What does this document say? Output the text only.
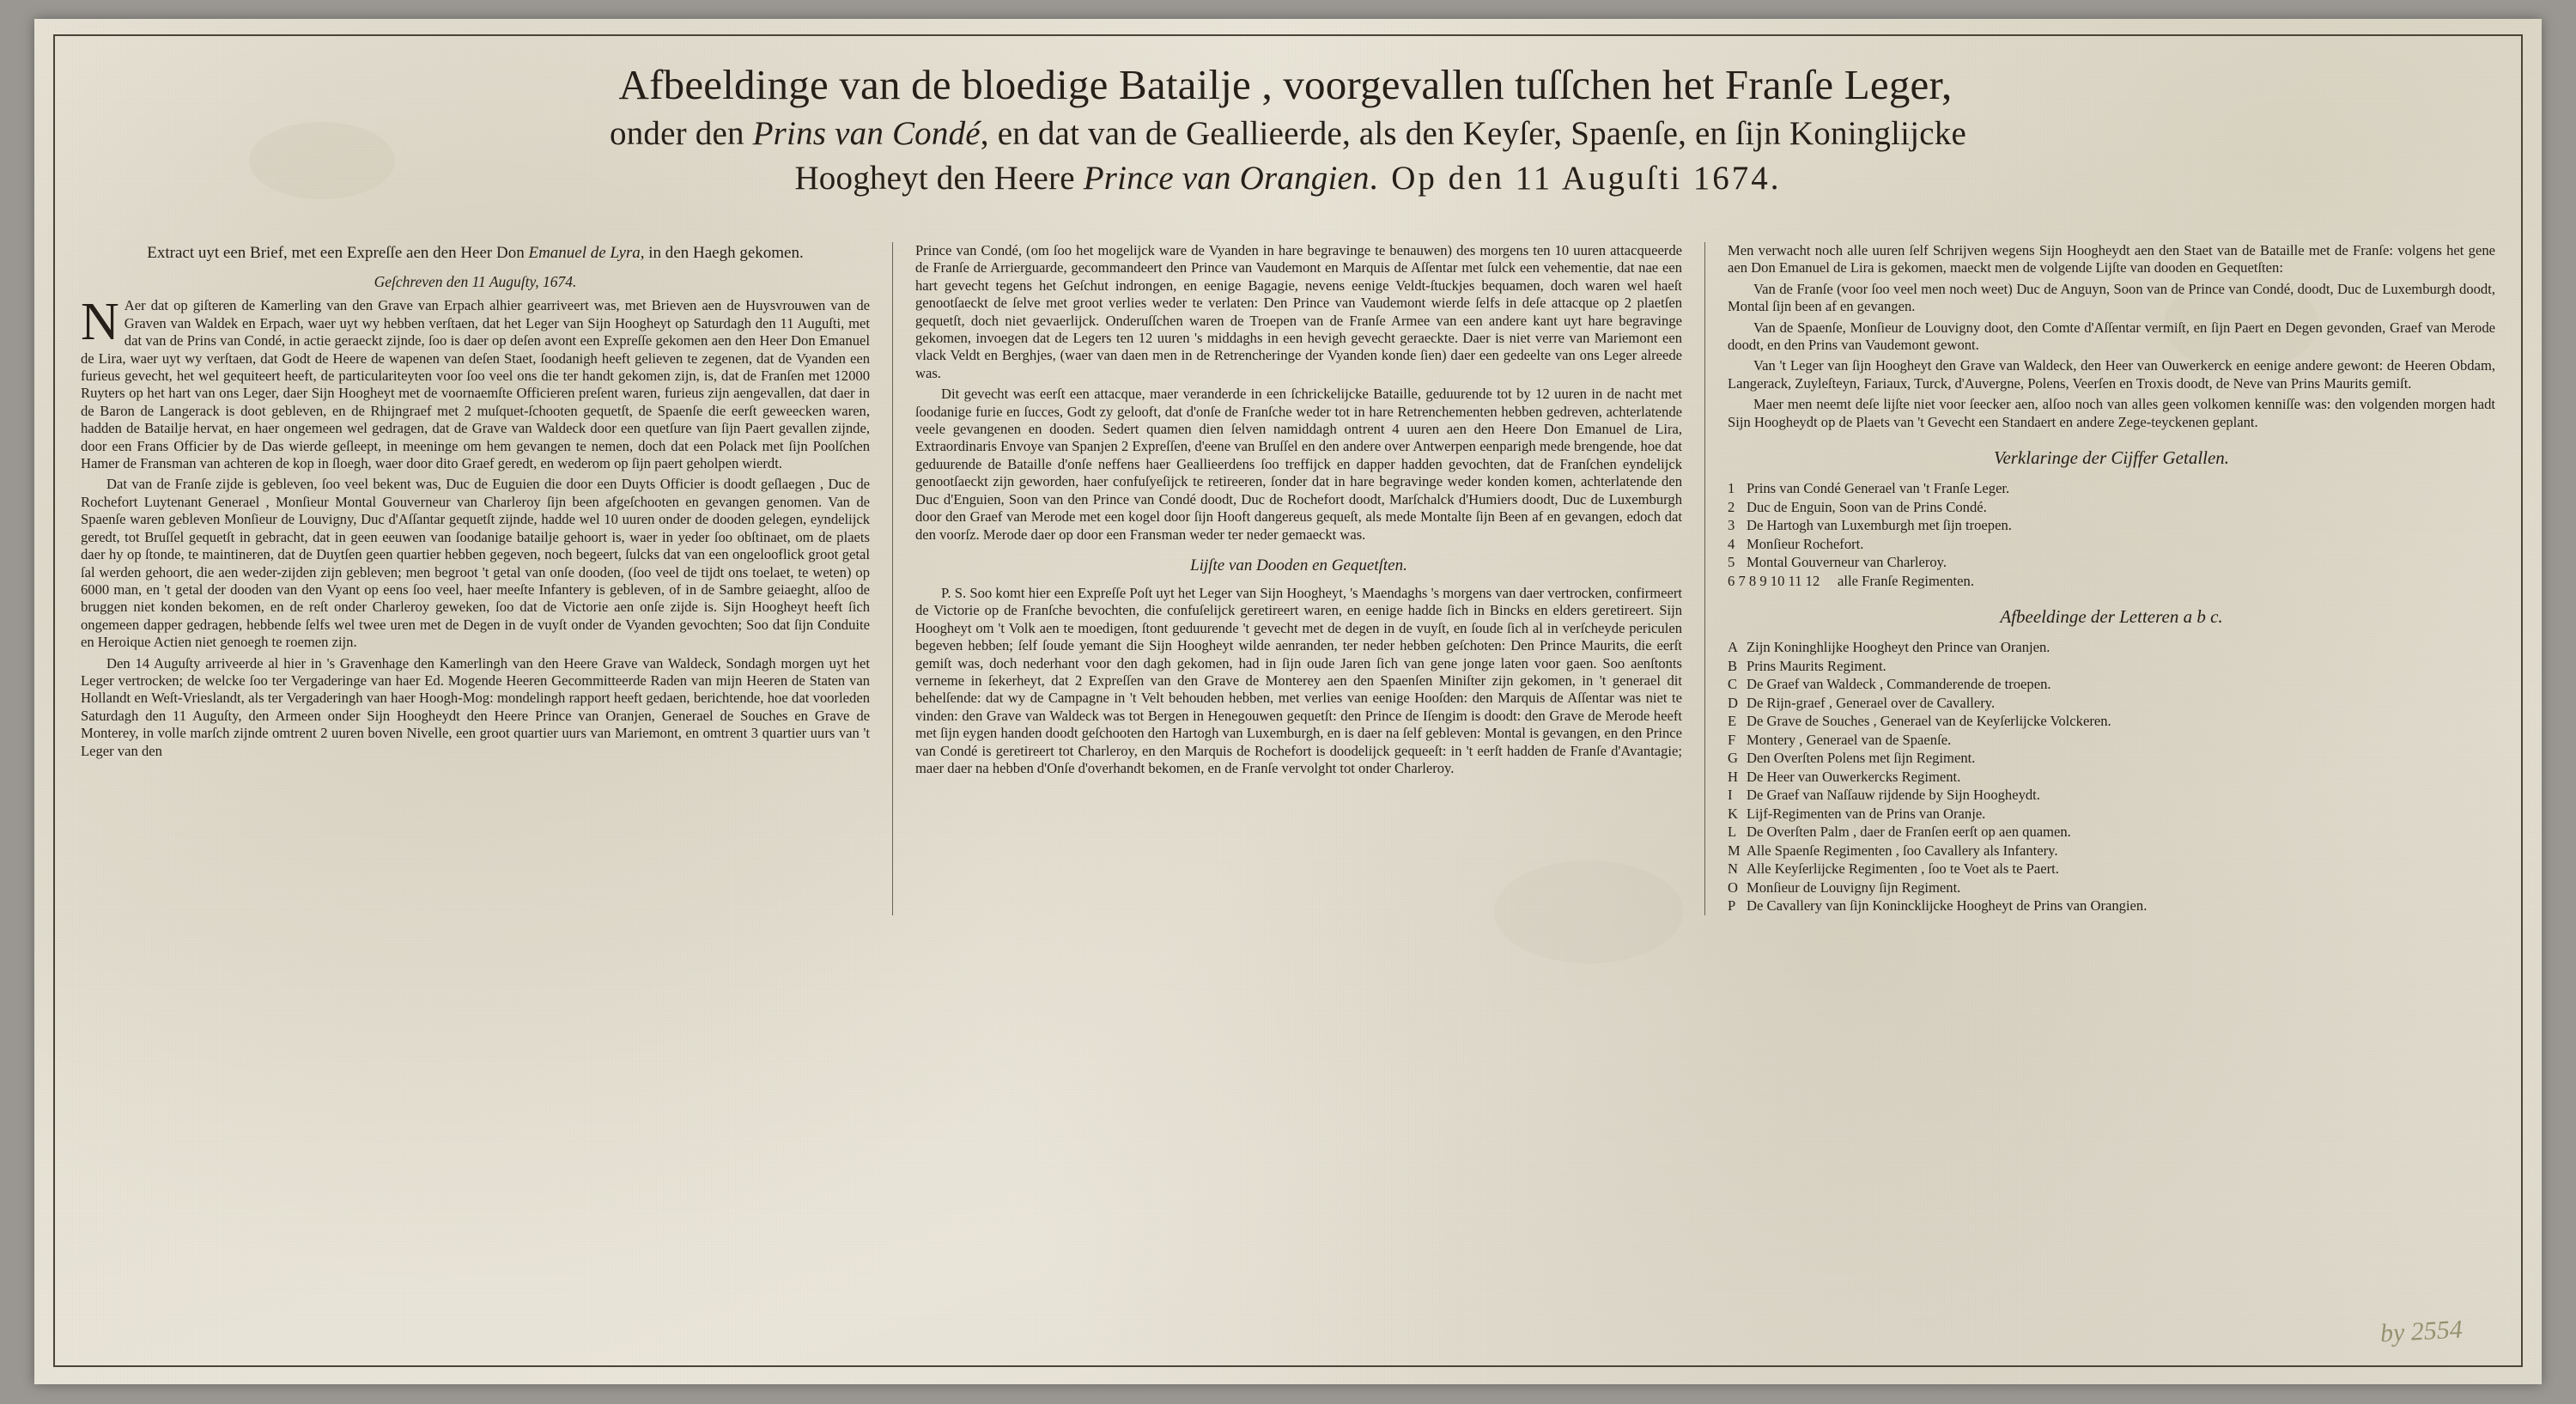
Afbeeldinge van de bloedige Batailje , voorgevallen tuſſchen het Franſe Leger,
onder den Prins van Condé, en dat van de Geallieerde, als den Keyſer, Spaenſe, en ſijn Koninglijcke
Hoogheyt den Heere Prince van Orangien. Op den 11 Auguſti 1674.
Extract uyt een Brief, met een Expreſſe aen den Heer Don Emanuel de Lyra, in den Haegh gekomen.
Geſchreven den 11 Auguſty, 1674.

N Aer dat op giſteren de Kamerling van den Grave van Erpach alhier gearriveert was, met Brieven aen de Huysvrouwen van de Graven van Waldek en Erpach, waer uyt wy hebben verſtaen, dat het Leger van Sijn Hoogheyt op Saturdagh den 11 Auguſti, met dat van de Prins van Condé, in actie geraeckt zijnde, ſoo is daer op deſen avont een Expreſſe gekomen aen den Heer Don Emanuel de Lira, waer uyt wy verſtaen, dat Godt de Heere de wapenen van deſen Staet, ſoodanigh heeft gelieven te zegenen, dat de Vyanden een furieus gevecht, het wel gequiteert heeft, de particulariteyten voor ſoo veel ons die ter handt gekomen zijn, is, dat de Franſen met 12000 Ruyters op het hart van ons Leger, daer Sijn Hoogheyt met de voornaemſte Officieren preſent waren, furieus zijn aengevallen, dat daer in de Baron de Langerack is doot gebleven, en de Rhijngraef met 2 muſquet-ſchooten gequetſt, de Spaenſe die eerſt geweecken waren, hadden de Batailje hervat, en haer ongemeen wel gedragen, dat de Grave van Waldeck door een quetſure van ſijn Paert gevallen zijnde, door een Frans Officier by de Das wierde geſleept, in meeninge om hem gevangen te nemen, doch dat een Polack met ſijn Poolſchen Hamer de Fransman van achteren de kop in ſloegh, waer door dito Graef geredt, en wederom op ſijn paert geholpen wierdt.

Dat van de Franſe zijde is gebleven, ſoo veel bekent was, Duc de Euguien die door een Duyts Officier is doodt geſlaegen , Duc de Rochefort Luytenant Generael , Monſieur Montal Gouverneur van Charleroy ſijn been afgeſchooten en gevangen genomen. Van de Spaenſe waren gebleven Monſieur de Louvigny, Duc d'Aſſantar gequetſt zijnde, hadde wel 10 uuren onder de dooden gelegen, eyndelijck geredt, tot Bruſſel gequetſt in gebracht, dat in geen eeuwen van ſoodanige batailje gehoort is, waer in yeder ſoo obſtinaet, om de plaets daer hy op ſtonde, te maintineren, dat de Duytſen geen quartier hebben gegeven, noch begeert, ſulcks dat van een ongelooflick groot getal ſal werden gehoort, die aen weder-zijden zijn gebleven; men begroot 't getal van onſe dooden, (ſoo veel de tijdt ons toelaet, te weten) op 6000 man, en 't getal der dooden van den Vyant op eens ſoo veel, haer meeſte Infantery is gebleven, of in de Sambre geiaeght, alſoo de bruggen niet konden bekomen, en de reſt onder Charleroy geweken, ſoo dat de Victorie aen onſe zijde is. Sijn Hoogheyt heeft ſich ongemeen dapper gedragen, hebbende ſelfs wel twee uren met de Degen in de vuyſt onder de Vyanden gevochten; Soo dat ſijn Conduite en Heroique Actien niet genoegh te roemen zijn.

Den 14 Auguſty arriveerde al hier in 's Gravenhage den Kamerlingh van den Heere Grave van Waldeck, Sondagh morgen uyt het Leger vertrocken; de welcke ſoo ter Vergaderinge van haer Ed. Mogende Heeren Gecommitteerde Raden van mijn Heeren de Staten van Hollandt en Weſt-Vrieslandt, als ter Vergaderingh van haer Hoogh-Mog: mondelingh rapport heeft gedaen, berichtende, hoe dat voorleden Saturdagh den 11 Auguſty, den Armeen onder Sijn Hoogheydt den Heere Prince van Oranjen, Generael de Souches en Grave de Monterey, in volle marſch zijnde omtrent 2 uuren boven Nivelle, een groot quartier uurs van Mariemont, en omtrent 3 quartier uurs van 't Leger van den

Prince van Condé, (om ſoo het mogelijck ware de Vyanden in hare begravinge te benauwen) des morgens ten 10 uuren attacqueerde de Franſe de Arrierguarde, gecommandeert den Prince van Vaudemont en Marquis de Aſſentar met ſulck een vehementie, dat nae een hart gevecht tegens het Geſchut indrongen, en eenige Bagagie, nevens eenige Veldt-ſtuckjes bequamen, doch waren wel haeſt genootſaeckt de ſelve met groot verlies weder te verlaten: Den Prince van Vaudemont wierde ſelfs in deſe attacque op 2 plaetſen gequetſt, doch niet gevaerlijck. Onderuſſchen waren de Troepen van de Franſe Armee van een andere kant uyt hare begravinge gekomen, invoegen dat de Legers ten 12 uuren 's middaghs in een hevigh gevecht geraeckte. Daer is niet verre van Mariemont een vlack Veldt en Berghjes, (waer van daen men in de Retrencheringe der Vyanden konde ſien) daer een gedeelte van ons Leger alreede was.

Dit gevecht was eerſt een attacque, maer veranderde in een ſchrickelijcke Bataille, geduurende tot by 12 uuren in de nacht met ſoodanige furie en ſucces, Godt zy gelooft, dat d'onſe de Franſche weder tot in hare Retrenchementen hebben gedreven, achterlatende veele gevangenen en dooden. Sedert quamen dien ſelven namiddagh ontrent 4 uuren aen den Heere Don Emanuel de Lira, Extraordinaris Envoye van Spanjen 2 Expreſſen, d'eene van Bruſſel en den andere over Antwerpen eenparigh mede brengende, hoe dat geduurende de Bataille d'onſe neffens haer Geallieerdens ſoo treffijck en dapper hadden gevochten, dat de Franſchen eyndelijck genootſaeckt zijn geworden, haer confuſyeſijck te retireeren, ſonder dat in hare begravinge weder konden komen, achterlatende den Duc d'Enguien, Soon van den Prince van Condé doodt, Duc de Rochefort doodt, Marſchalck d'Humiers doodt, Duc de Luxemburgh door den Graef van Merode met een kogel door ſijn Hooft dangereus gequeſt, als mede Montalte ſijn Been af en gevangen, edoch dat den voorſz. Merode daer op door een Fransman weder ter neder gemaeckt was.

Lijſte van Dooden en Gequetſten.

P. S. Soo komt hier een Expreſſe Poſt uyt het Leger van Sijn Hoogheyt, 's Maendaghs 's morgens van daer vertrocken, confirmeert de Victorie op de Franſche bevochten, die confuſelijck geretireert waren, en eenige hadde ſich in Bincks en elders geretireert. Sijn Hoogheyt om 't Volk aen te moedigen, ſtont geduurende 't gevecht met de degen in de vuyſt, en ſoude ſich al in verſcheyde periculen begeven hebben; ſelf ſoude yemant die Sijn Hoogheyt wilde aenranden, ter neder hebben geſchoten: Den Prince Maurits, die eerſt gemiſt was, doch nederhant voor den dagh gekomen, had in ſijn oude Jaren ſich van gene jonge laten voor gaen. Soo aenſtonts verneme in ſekerheyt, dat 2 Expreſſen van den Grave de Monterey aen den Spaenſen Miniſter zijn gekomen, in 't generael dit behelſende: dat wy de Campagne in 't Velt behouden hebben, met verlies van eenige Hooſden: den Marquis de Aſſentar was niet te vinden: den Grave van Waldeck was tot Bergen in Henegouwen gequetſt: den Prince de Iſengim is doodt: den Grave de Merode heeft met ſijn eygen handen doodt geſchooten den Hartogh van Luxemburgh, en is daer na ſelf gebleven: Montal is gevangen, en den Prince van Condé is geretireert tot Charleroy, en den Marquis de Rochefort is doodelijck gequeeſt: in 't eerſt hadden de Franſe d'Avantagie; maer daer na hebben d'Onſe d'overhandt bekomen, en de Franſe vervolght tot onder Charleroy.

Men verwacht noch alle uuren ſelf Schrijven wegens Sijn Hoogheydt aen den Staet van de Bataille met de Franſe: volgens het gene aen Don Emanuel de Lira is gekomen, maeckt men de volgende Lijſte van dooden en Gequetſten:

Van de Franſe (voor ſoo veel men noch weet) Duc de Anguyn, Soon van de Prince van Condé, doodt, Duc de Luxemburgh doodt, Montal ſijn been af en gevangen.

Van de Spaenſe, Monſieur de Louvigny doot, den Comte d'Aſſentar vermiſt, en ſijn Paert en Degen gevonden, Graef van Merode doodt, en den Prins van Vaudemont gewont.

Van 't Leger van ſijn Hoogheyt den Grave van Waldeck, den Heer van Ouwerkerck en eenige andere gewont: de Heeren Obdam, Langerack, Zuyleſteyn, Fariaux, Turck, d'Auvergne, Polens, Veerſen en Troxis doodt, de Neve van Prins Maurits gemiſt.

Maer men neemt deſe lijſte niet voor ſeecker aen, alſoo noch van alles geen volkomen kenniſſe was: den volgenden morgen hadt Sijn Hoogheydt op de Plaets van 't Gevecht een Standaert en andere Zege-teyckenen geplant.

Verklaringe der Cijffer Getallen.
1 Prins van Condé Generael van 't Franſe Leger.
2 Duc de Enguin, Soon van de Prins Condé.
3 De Hartogh van Luxemburgh met ſijn troepen.
4 Monſieur Rochefort.
5 Montal Gouverneur van Charleroy.
6 7 8 9 10 11 12	alle Franſe Regimenten.
Afbeeldinge der Letteren a b c.
A Zijn Koninghlijke Hoogheyt den Prince van Oranjen.
B Prins Maurits Regiment.
C De Graef van Waldeck , Commanderende de troepen.
D De Rijn-graef , Generael over de Cavallery.
E De Grave de Souches , Generael van de Keyſerlijcke Volckeren.
F Montery , Generael van de Spaenſe.
G Den Overſten Polens met ſijn Regiment.
H De Heer van Ouwerkercks Regiment.
I De Graef van Naſſauw rijdende by Sijn Hoogheydt.
K Lijf-Regimenten van de Prins van Oranje.
L De Overſten Palm , daer de Franſen eerſt op aen quamen.
M Alle Spaenſe Regimenten , ſoo Cavallery als Infantery.
N Alle Keyſerlijcke Regimenten , ſoo te Voet als te Paert.
O Monſieur de Louvigny ſijn Regiment.
P De Cavallery van ſijn Konincklijcke Hoogheyt de Prins van Orangien.
by 2554
